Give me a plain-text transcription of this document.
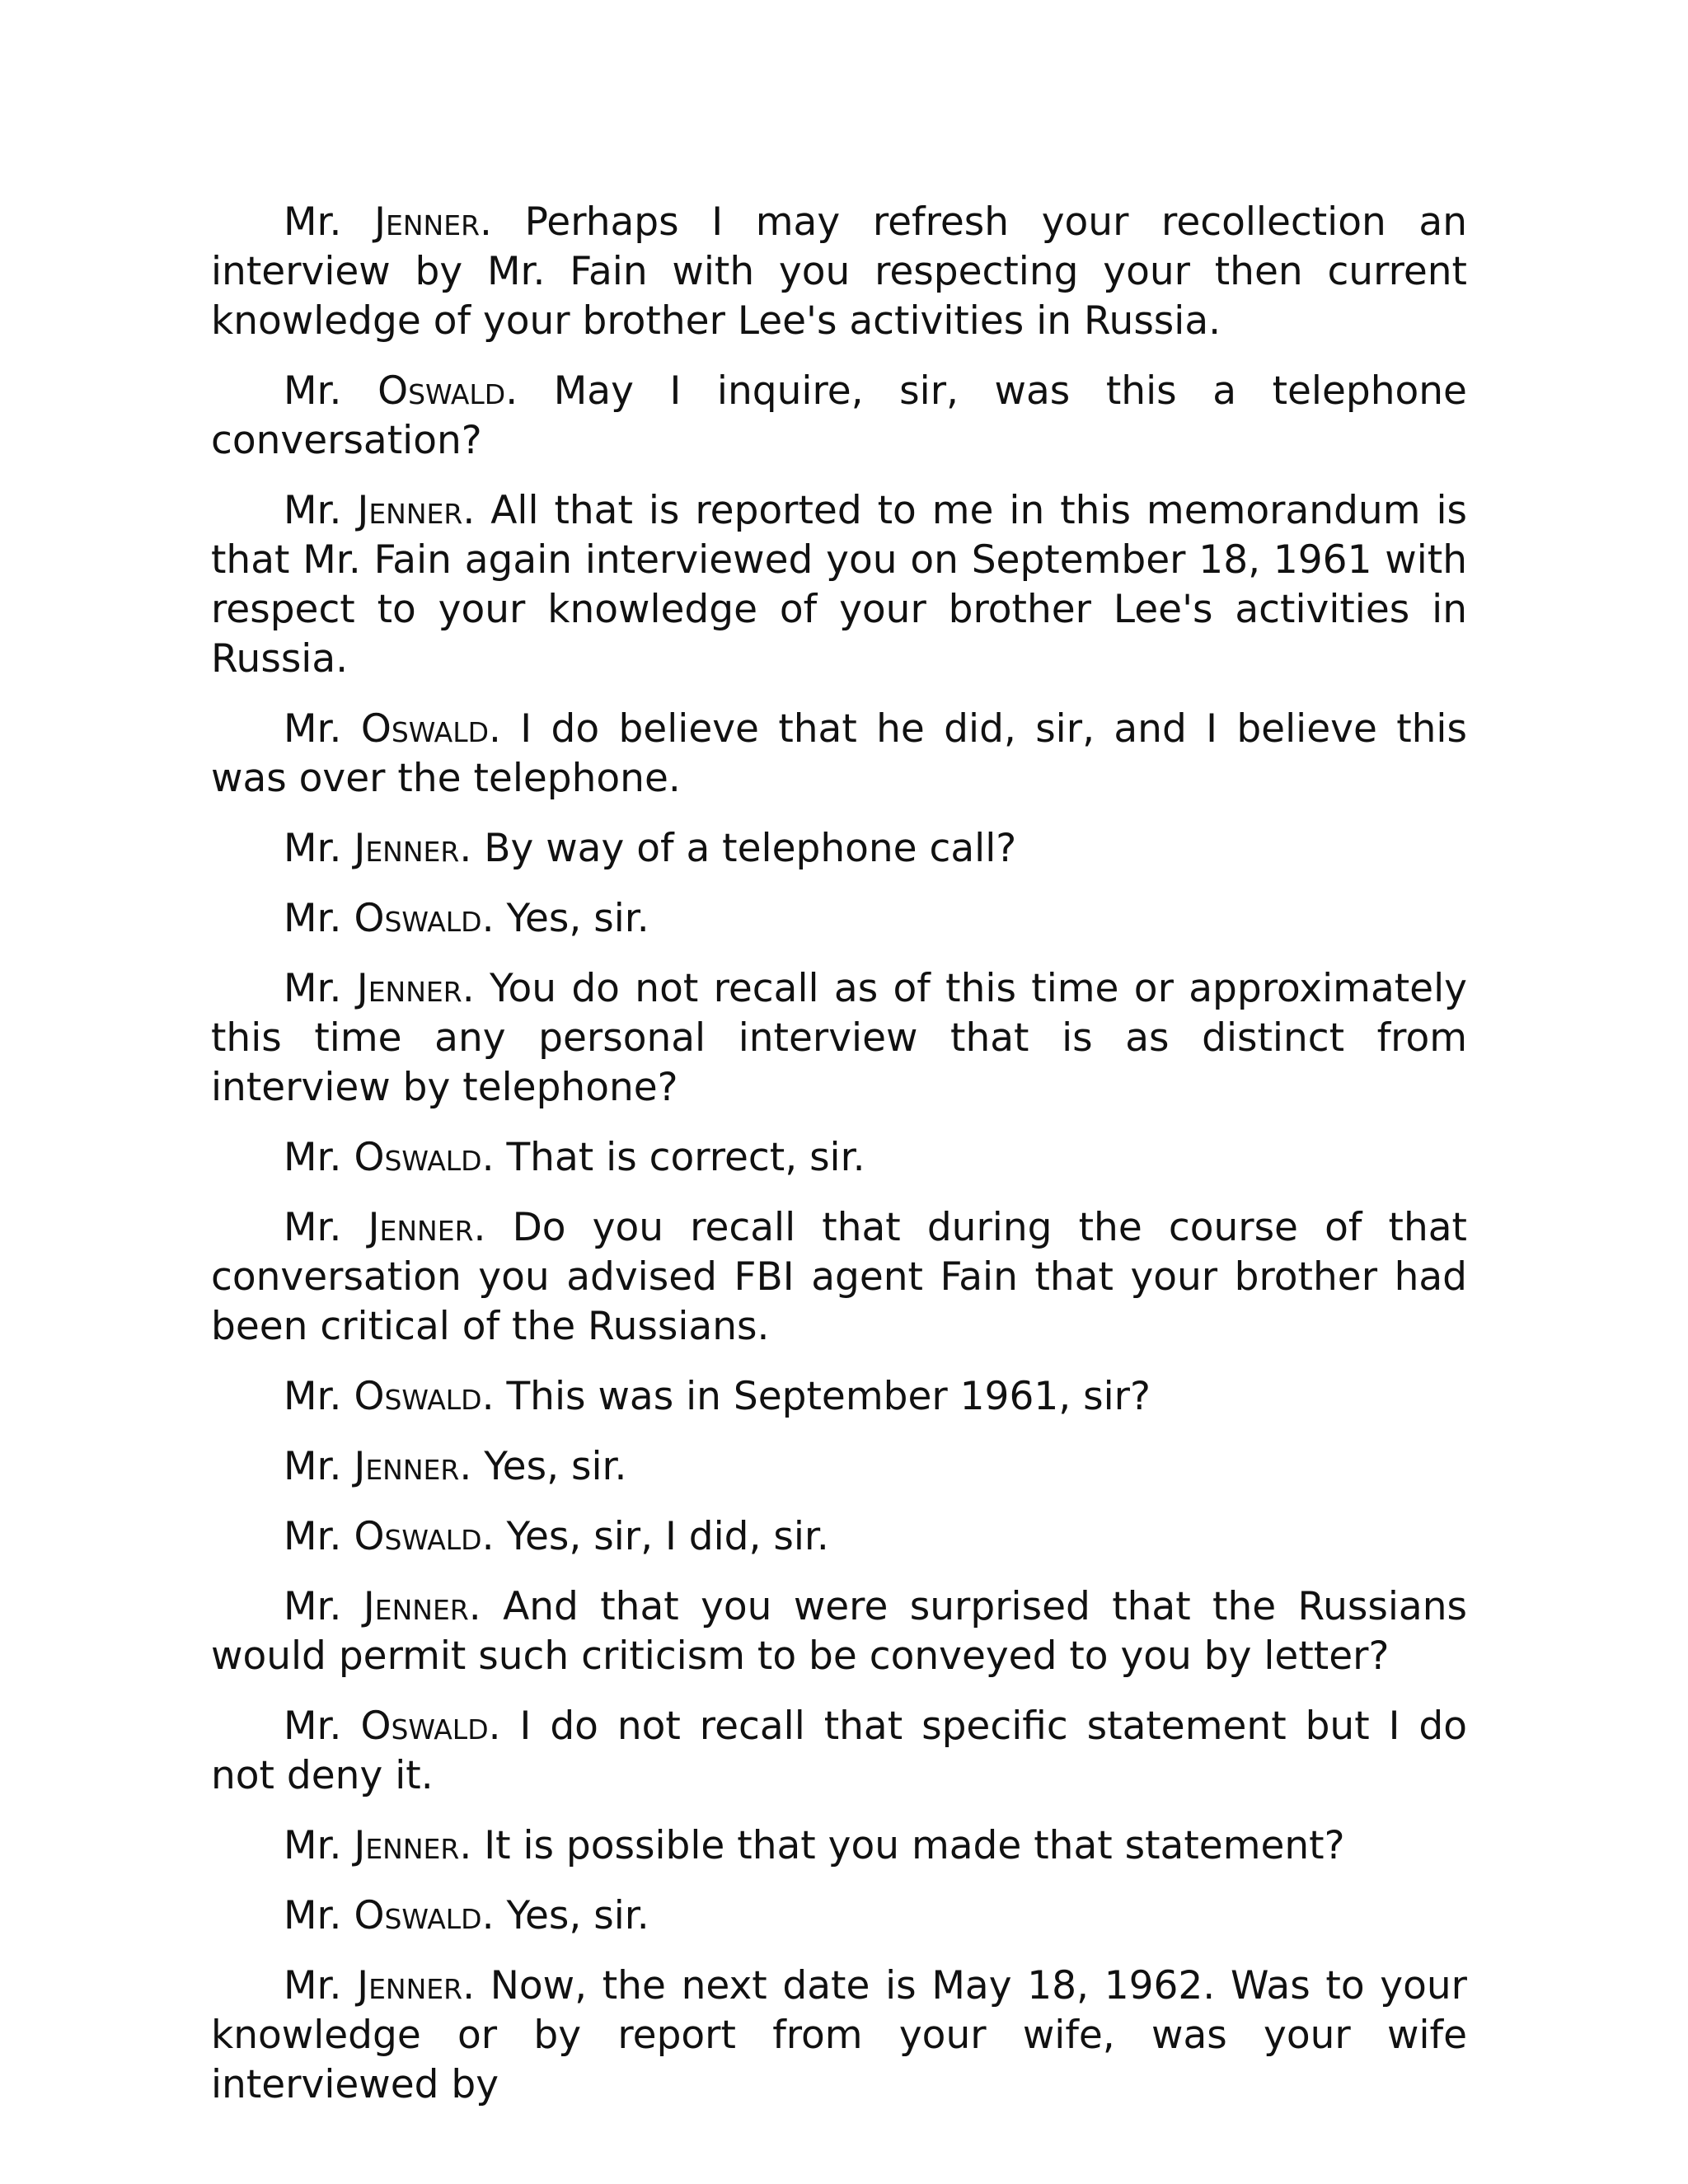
Mr. Jenner. Perhaps I may refresh your recollection an interview by Mr. Fain with you respecting your then current knowledge of your brother Lee's activities in Russia.

Mr. Oswald. May I inquire, sir, was this a telephone conversation?

Mr. Jenner. All that is reported to me in this memorandum is that Mr. Fain again interviewed you on September 18, 1961 with respect to your knowledge of your brother Lee's activities in Russia.

Mr. Oswald. I do believe that he did, sir, and I believe this was over the telephone.

Mr. Jenner. By way of a telephone call?

Mr. Oswald. Yes, sir.

Mr. Jenner. You do not recall as of this time or approximately this time any personal interview that is as distinct from interview by telephone?

Mr. Oswald. That is correct, sir.

Mr. Jenner. Do you recall that during the course of that conversation you advised FBI agent Fain that your brother had been critical of the Russians.

Mr. Oswald. This was in September 1961, sir?

Mr. Jenner. Yes, sir.

Mr. Oswald. Yes, sir, I did, sir.

Mr. Jenner. And that you were surprised that the Russians would permit such criticism to be conveyed to you by letter?

Mr. Oswald. I do not recall that specific statement but I do not deny it.

Mr. Jenner. It is possible that you made that statement?

Mr. Oswald. Yes, sir.

Mr. Jenner. Now, the next date is May 18, 1962. Was to your knowledge or by report from your wife, was your wife interviewed by
